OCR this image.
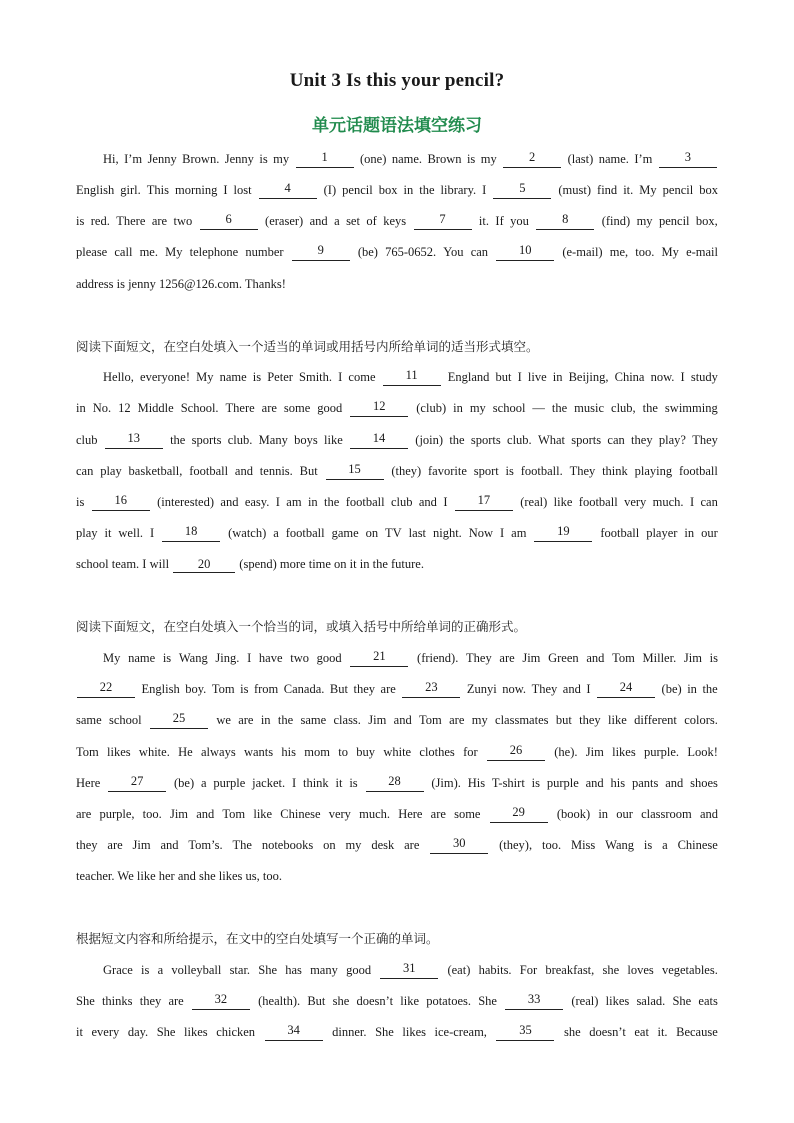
Unit 3 Is this your pencil?
单元话题语法填空练习
Hi, I’m Jenny Brown. Jenny is my	1	(one) name. Brown is my	2	(last) name. I’m	3
English girl. This morning I lost	4	(I) pencil box in the library. I	5	(must) find it. My pencil box
is red. There are two	6	(eraser) and a set of keys	7	it. If you	8	(find) my pencil box,
please call me. My telephone number	9	(be) 765-0652. You can	10	(e-mail) me, too. My e-mail
address is jenny 1256@126.com. Thanks!
阅读下面短文，在空白处填入一个适当的单词或用括号内所给单词的适当形式填空。
Hello, everyone! My name is Peter Smith. I come	11	England but I live in Beijing, China now. I study
in No. 12 Middle School. There are some good	12	(club) in my school — the music club, the swimming
club	13	the sports club. Many boys like	14	(join) the sports club. What sports can they play? They
can play basketball, football and tennis. But	15	(they) favorite sport is football. They think playing football
is	16	(interested) and easy. I am in the football club and I	17	(real) like football very much. I can
play it well. I	18	(watch) a football game on TV last night. Now I am	19	football player in our
school team. I will 20 (spend) more time on it in the future.
阅读下面短文，在空白处填入一个恰当的词，或填入括号中所给单词的正确形式。
My name is Wang Jing. I have two good	21	(friend). They are Jim Green and Tom Miller. Jim is
22	English boy. Tom is from Canada. But they are	23	Zunyi now. They and I	24	(be) in the
same school	25	we are in the same class. Jim and Tom are my classmates but they like different colors.
Tom likes white. He always wants his mom to buy white clothes for	26	(he). Jim likes purple. Look!
Here	27	(be) a purple jacket. I think it is	28	(Jim). His T-shirt is purple and his pants and shoes
are purple, too. Jim and Tom like Chinese very much. Here are some	29	(book) in our classroom and
they are Jim and Tom’s. The notebooks on my desk are	30	(they), too. Miss Wang is a Chinese
teacher. We like her and she likes us, too.
根据短文内容和所给提示，在文中的空白处填写一个正确的单词。
Grace is a volleyball star. She has many good	31	(eat) habits. For breakfast, she loves vegetables.
She thinks they are	32	(health). But she doesn’t like potatoes. She	33	(real) likes salad. She eats
it every day. She likes chicken	34	dinner. She likes ice-cream,	35	she doesn’t eat it. Because
